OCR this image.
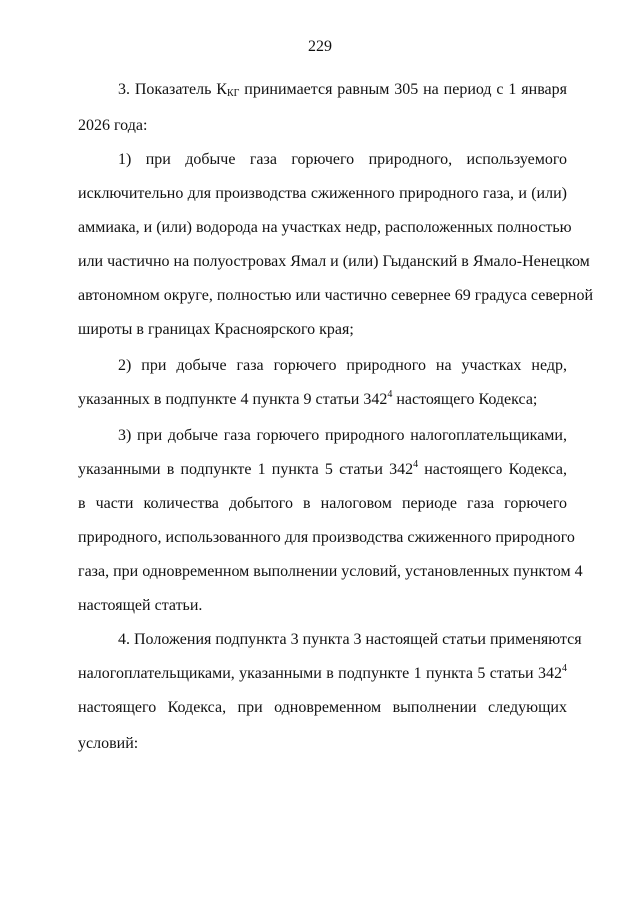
229
3. Показатель $К_{КГ}$ принимается равным 305 на период с 1 января
2026 года:
1) при добыче газа горючего природного, используемого
исключительно для производства сжиженного природного газа, и (или)
аммиака, и (или) водорода на участках недр, расположенных полностью
или частично на полуостровах Ямал и (или) Гыданский в Ямало-Ненецком
автономном округе, полностью или частично севернее 69 градуса северной
широты в границах Красноярского края;
2) при добыче газа горючего природного на участках недр,
указанных в подпункте 4 пункта 9 статьи $342^4$ настоящего Кодекса;
3) при добыче газа горючего природного налогоплательщиками,
указанными в подпункте 1 пункта 5 статьи $342^4$ настоящего Кодекса,
в части количества добытого в налоговом периоде газа горючего
природного, использованного для производства сжиженного природного
газа, при одновременном выполнении условий, установленных пунктом 4
настоящей статьи.
4. Положения подпункта 3 пункта 3 настоящей статьи применяются
налогоплательщиками, указанными в подпункте 1 пункта 5 статьи $342^4$
настоящего Кодекса, при одновременном выполнении следующих
условий:
